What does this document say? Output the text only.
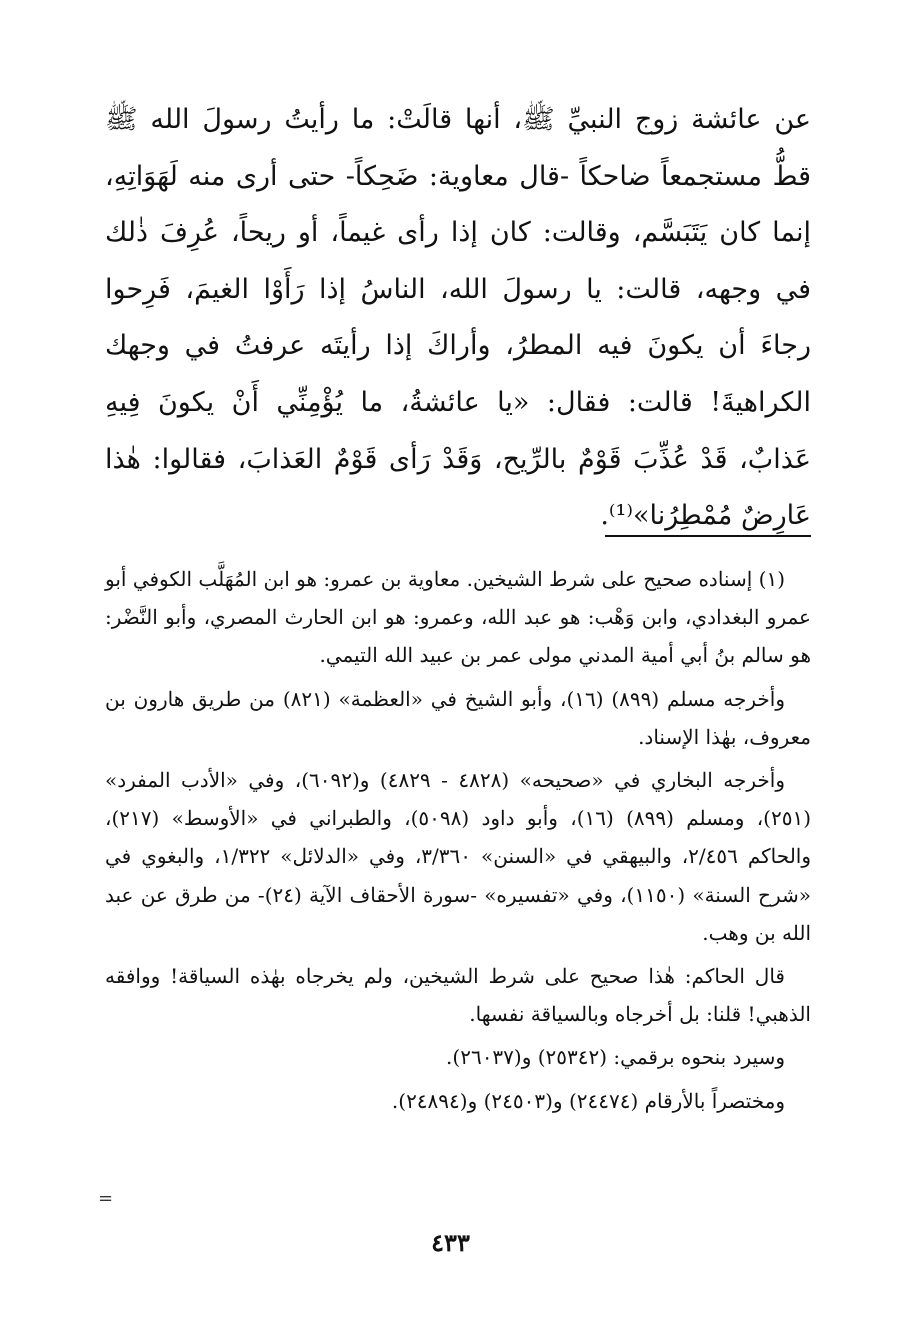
عن عائشة زوج النبيِّ ﷺ، أنها قالَتْ: ما رأيتُ رسولَ الله ﷺ قطُّ مستجمعاً ضاحكاً -قال معاوية: ضَحِكاً- حتى أرى منه لَهَوَاتِهِ، إنما كان يَتَبَسَّم، وقالت: كان إذا رأى غيماً، أو ريحاً، عُرِفَ ذٰلك في وجهه، قالت: يا رسولَ الله، الناسُ إذا رَأَوْا الغيمَ، فَرِحوا رجاءَ أن يكونَ فيه المطرُ، وأراكَ إذا رأيتَه عرفتُ في وجهك الكراهيةَ! قالت: فقال: «يا عائشةُ، ما يُؤْمِنِّي أَنْ يكونَ فِيهِ عَذابٌ، قَدْ عُذِّبَ قَوْمٌ بالرِّيح، وَقَدْ رَأى قَوْمٌ العَذابَ، فقالوا: هٰذا عَارِضٌ مُمْطِرُنا»⁽¹⁾.

(١) إسناده صحيح على شرط الشيخين. معاوية بن عمرو: هو ابن المُهَلَّب الكوفي أبو عمرو البغدادي، وابن وَهْب: هو عبد الله، وعمرو: هو ابن الحارث المصري، وأبو النَّضْر: هو سالم بنُ أبي أمية المدني مولى عمر بن عبيد الله التيمي.

وأخرجه مسلم (٨٩٩) (١٦)، وأبو الشيخ في «العظمة» (٨٢١) من طريق هارون بن معروف، بهٰذا الإسناد.

وأخرجه البخاري في «صحيحه» (٤٨٢٨ - ٤٨٢٩) و(٦٠٩٢)، وفي «الأدب المفرد» (٢٥١)، ومسلم (٨٩٩) (١٦)، وأبو داود (٥٠٩٨)، والطبراني في «الأوسط» (٢١٧)، والحاكم ٢/٤٥٦، والبيهقي في «السنن» ٣/٣٦٠، وفي «الدلائل» ١/٣٢٢، والبغوي في «شرح السنة» (١١٥٠)، وفي «تفسيره» -سورة الأحقاف الآية (٢٤)- من طرق عن عبد الله بن وهب.

قال الحاكم: هٰذا صحيح على شرط الشيخين، ولم يخرجاه بهٰذه السياقة! ووافقه الذهبي! قلنا: بل أخرجاه وبالسياقة نفسها.

وسيرد بنحوه برقمي: (٢٥٣٤٢) و(٢٦٠٣٧).

ومختصراً بالأرقام (٢٤٤٧٤) و(٢٤٥٠٣) و(٢٤٨٩٤).

=
٤٣٣
